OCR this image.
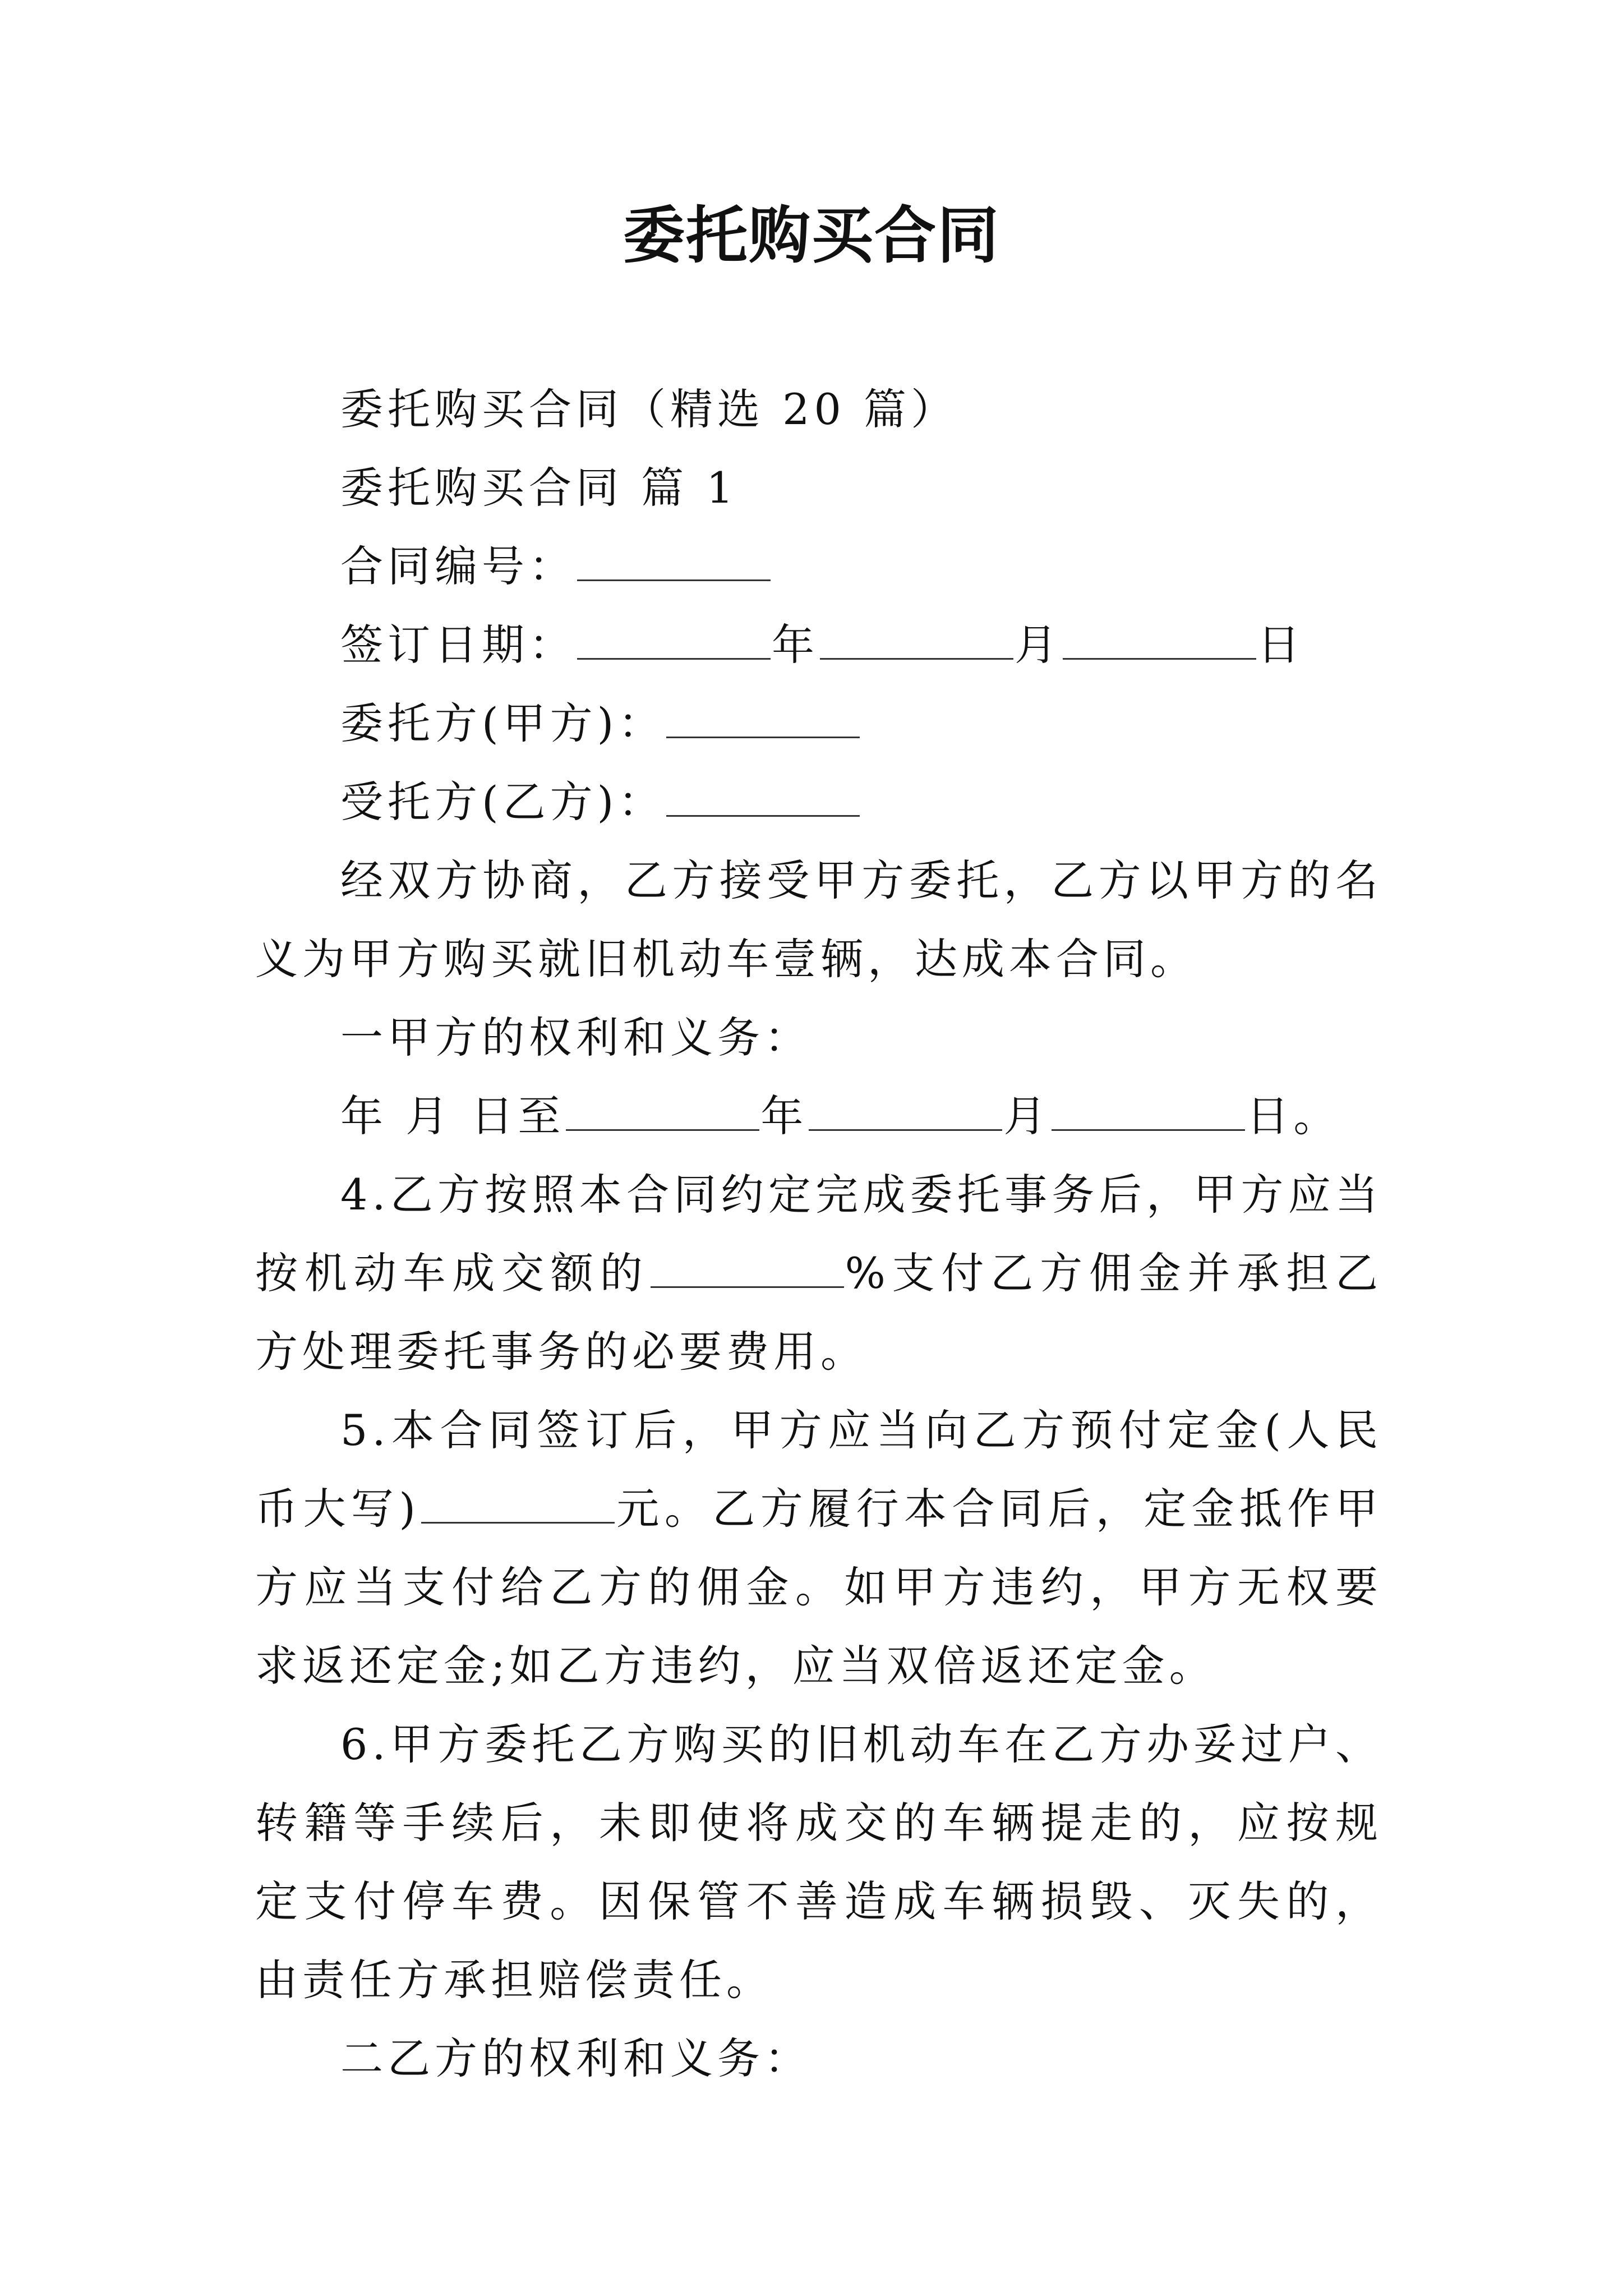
委托购买合同

委托购买合同（精选 20 篇）

委托购买合同 篇 1

合同编号：

签订日期：	年	月	日

委托方(甲方)：

受托方(乙方)：

经双方协商，乙方接受甲方委托，乙方以甲方的名义为甲方购买就旧机动车壹辆，达成本合同。

一甲方的权利和义务：

年 月 日至	年	月	日。

4.乙方按照本合同约定完成委托事务后，甲方应当按机动车成交额的	%支付乙方佣金并承担乙方处理委托事务的必要费用。

5.本合同签订后，甲方应当向乙方预付定金(人民币大写)	元。乙方履行本合同后，定金抵作甲方应当支付给乙方的佣金。如甲方违约，甲方无权要求返还定金;如乙方违约，应当双倍返还定金。

6.甲方委托乙方购买的旧机动车在乙方办妥过户、转籍等手续后，未即使将成交的车辆提走的，应按规定支付停车费。因保管不善造成车辆损毁、灭失的，由责任方承担赔偿责任。

二乙方的权利和义务：
